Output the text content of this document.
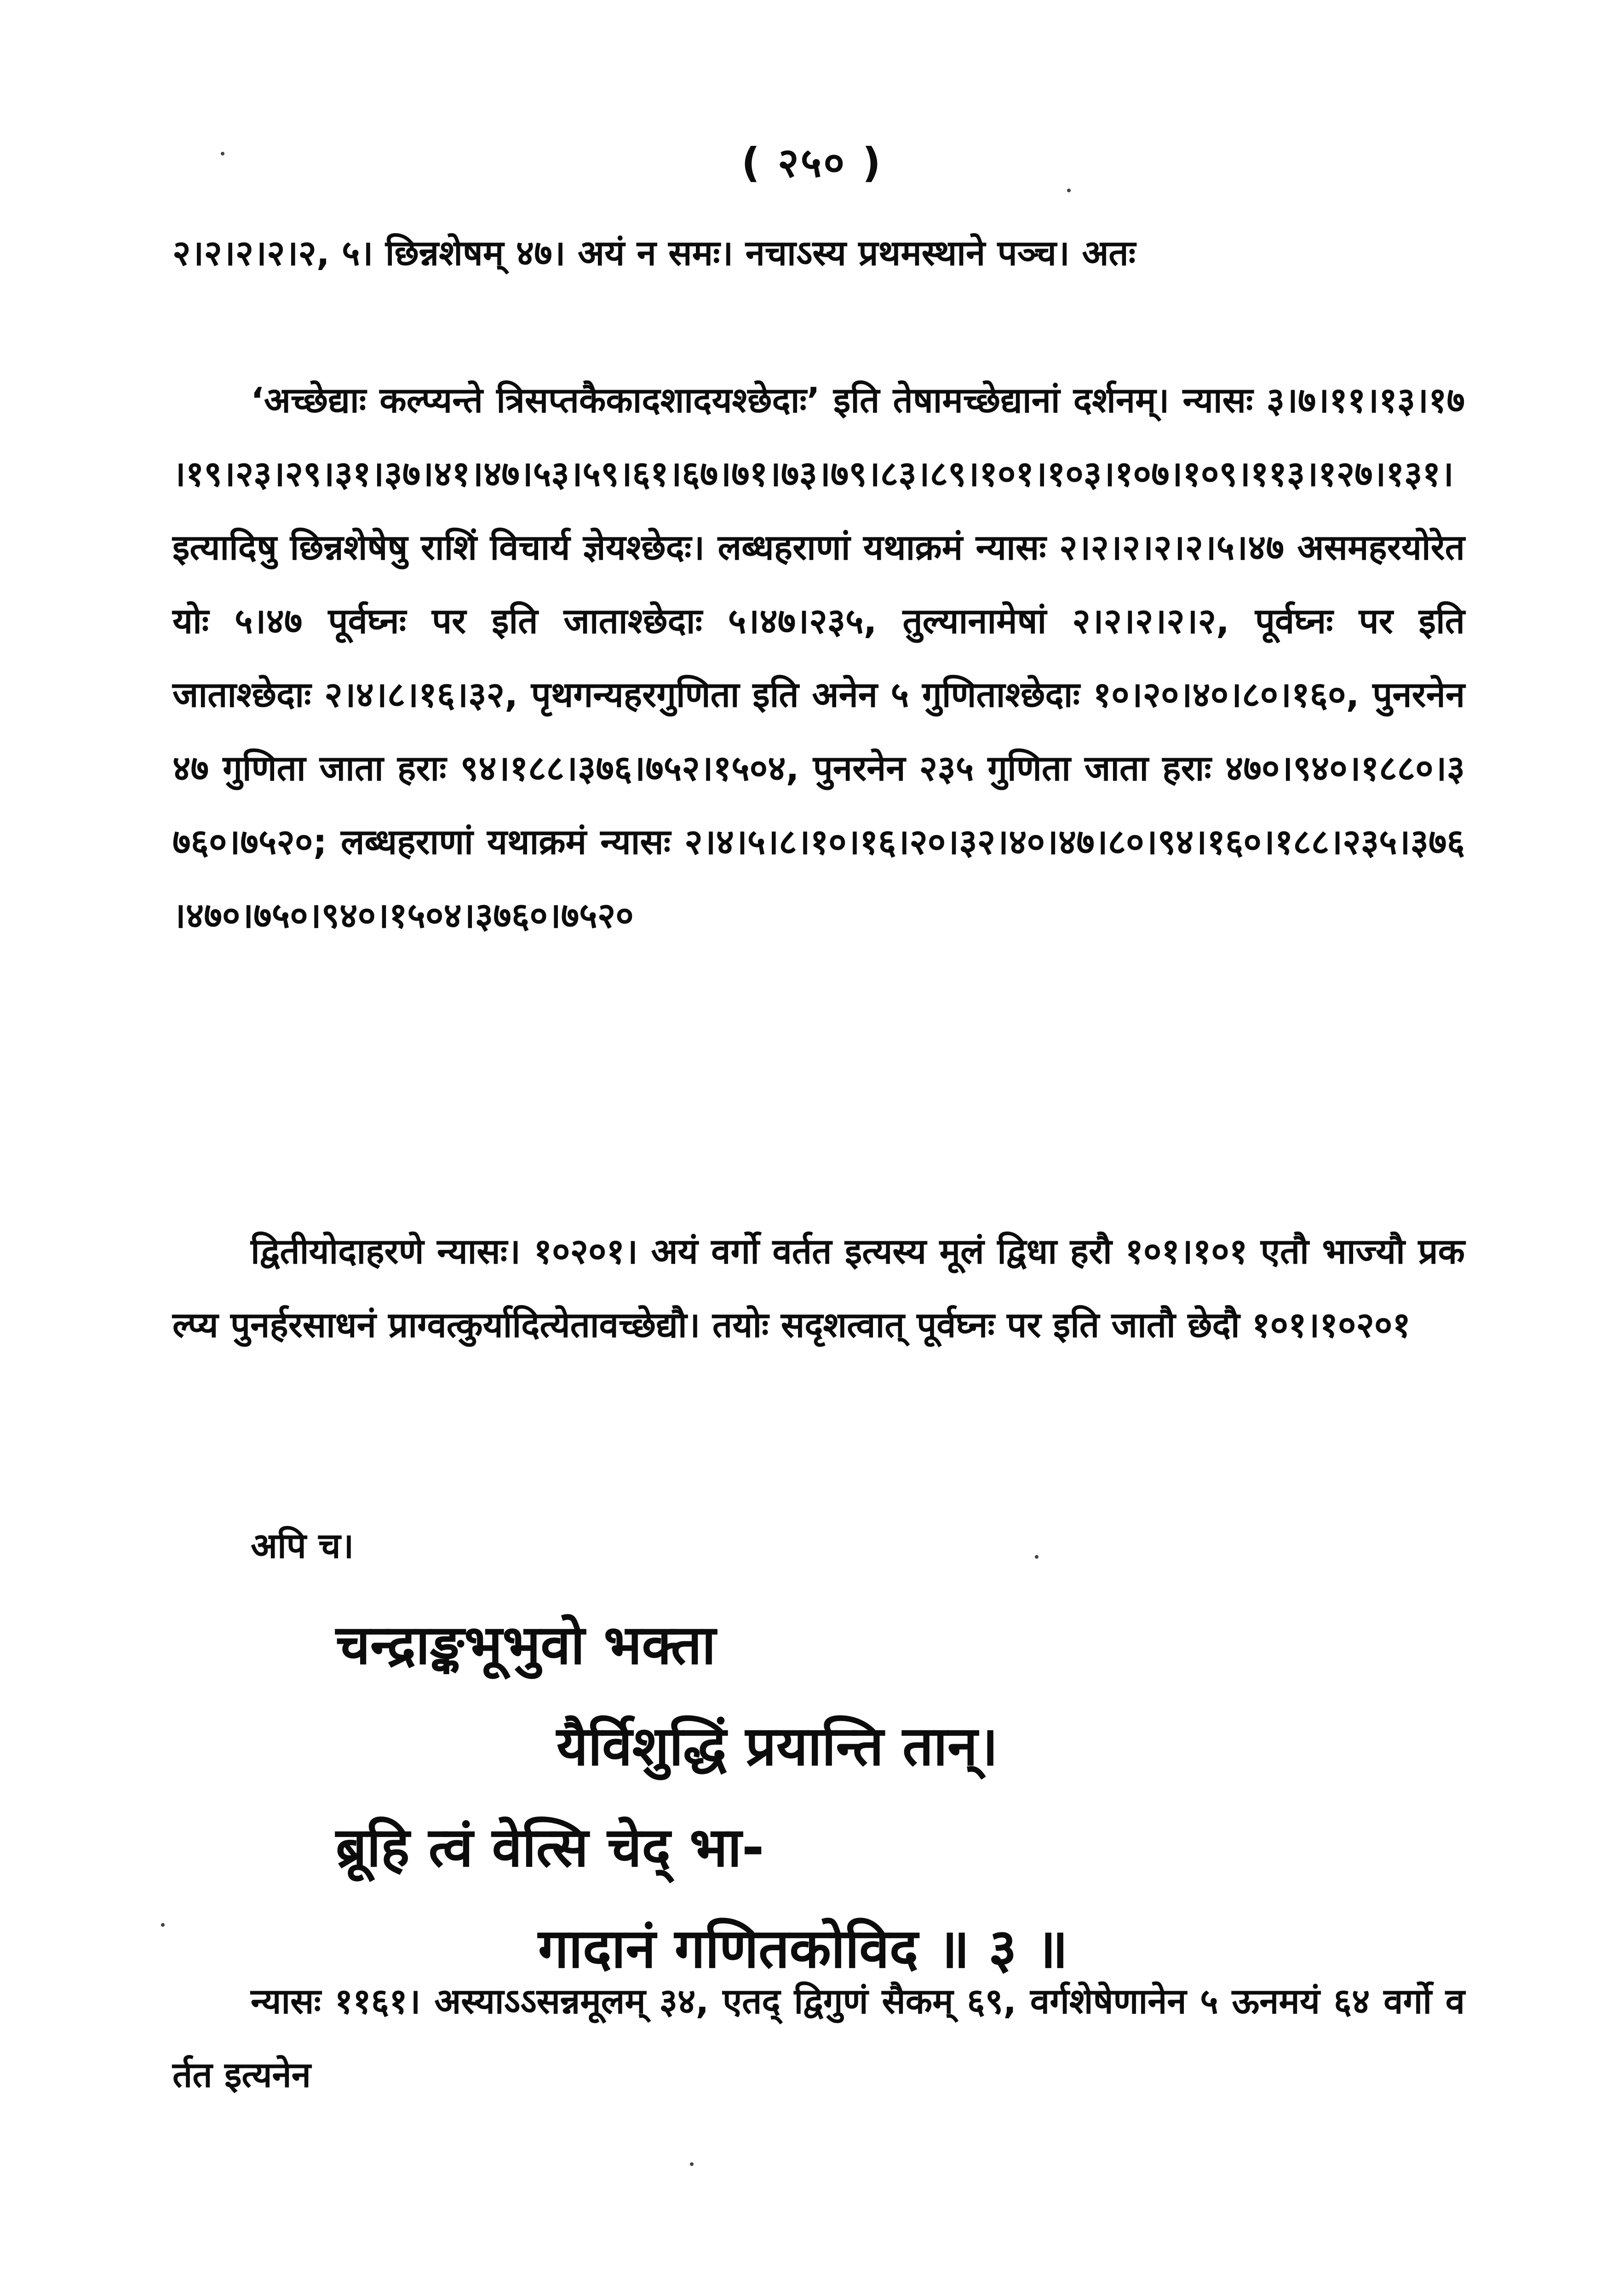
( २५० )
२।२।२।२।२, ५। छिन्नशेषम् ४७। अयं न समः। नचाऽस्य प्रथमस्थाने पञ्च। अतः
‘अच्छेद्याः कल्प्यन्ते त्रिसप्तकैकादशादयश्छेदाः’ इति तेषामच्छेद्यानां दर्शनम्। न्यासः ३।७।११।१३।१७।१९।२३।२९।३१।३७।४१।४७।५३।५९।६१।६७।७१।७३।७९।८३।८९।१०१।१०३।१०७।१०९।११३।१२७।१३१। इत्यादिषु छिन्नशेषेषु राशिं विचार्य ज्ञेयश्छेदः। लब्धहराणां यथाक्रमं न्यासः २।२।२।२।२।५।४७ असमहरयोरेतयोः ५।४७ पूर्वघ्नः पर इति जाताश्छेदाः ५।४७।२३५, तुल्यानामेषां २।२।२।२।२, पूर्वघ्नः पर इति जाताश्छेदाः २।४।८।१६।३२, पृथगन्यहरगुणिता इति अनेन ५ गुणिताश्छेदाः १०।२०।४०।८०।१६०, पुनरनेन ४७ गुणिता जाता हराः ९४।१८८।३७६।७५२।१५०४, पुनरनेन २३५ गुणिता जाता हराः ४७०।९४०।१८८०।३७६०।७५२०; लब्धहराणां यथाक्रमं न्यासः २।४।५।८।१०।१६।२०।३२।४०।४७।८०।९४।१६०।१८८।२३५।३७६।४७०।७५०।९४०।१५०४।३७६०।७५२०
द्वितीयोदाहरणे न्यासः। १०२०१। अयं वर्गो वर्तत इत्यस्य मूलं द्विधा हरौ १०१।१०१ एतौ भाज्यौ प्रकल्प्य पुनर्हरसाधनं प्राग्वत्कुर्यादित्येतावच्छेद्यौ। तयोः सदृशत्वात् पूर्वघ्नः पर इति जातौ छेदौ १०१।१०२०१
अपि च।
चन्द्राङ्कभूभुवो भक्ता
यैर्विशुद्धिं प्रयान्ति तान्।
ब्रूहि त्वं वेत्सि चेद् भा-
गादानं गणितकोविद ॥ ३ ॥
न्यासः ११६१। अस्याऽऽसन्नमूलम् ३४, एतद् द्विगुणं सैकम् ६९, वर्गशेषेणानेन ५ ऊनमयं ६४ वर्गो वर्तत इत्यनेन
